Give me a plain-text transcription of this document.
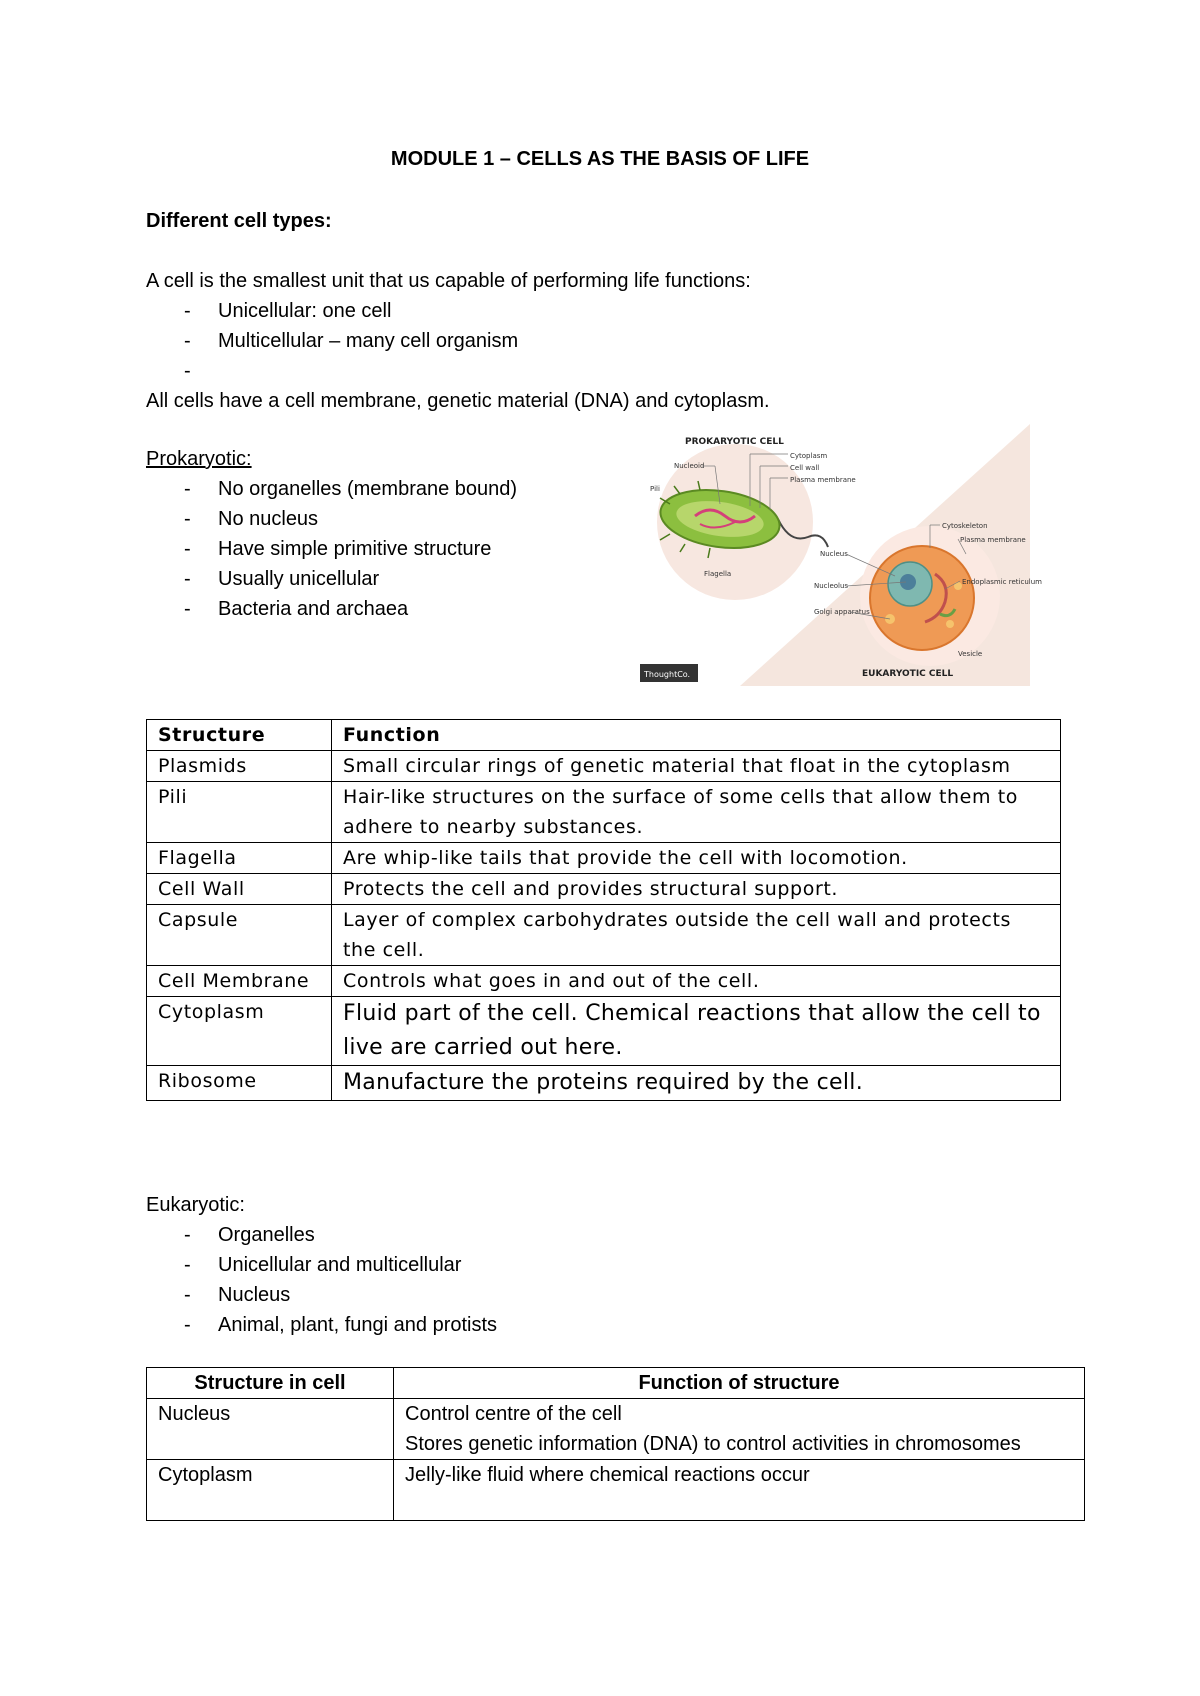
MODULE 1 – CELLS AS THE BASIS OF LIFE
Different cell types:
A cell is the smallest unit that us capable of performing life functions:
- Unicellular: one cell
- Multicellular – many cell organism
-
All cells have a cell membrane, genetic material (DNA) and cytoplasm.
Prokaryotic:
- No organelles (membrane bound)
- No nucleus
- Have simple primitive structure
- Usually unicellular
- Bacteria and archaea
PROKARYOTIC CELL
Nucleoid
Pili
Cytoplasm
Cell wall
Plasma membrane
Flagella
Cytoskeleton
Plasma membrane
Nucleus
Endoplasmic reticulum
Nucleolus
Golgi apparatus
Vesicle
EUKARYOTIC CELL
ThoughtCo.
Structure	Function
Plasmids	Small circular rings of genetic material that float in the cytoplasm
Pili	Hair-like structures on the surface of some cells that allow them to adhere to nearby substances.
Flagella	Are whip-like tails that provide the cell with locomotion.
Cell Wall	Protects the cell and provides structural support.
Capsule	Layer of complex carbohydrates outside the cell wall and protects the cell.
Cell Membrane	Controls what goes in and out of the cell.
Cytoplasm	Fluid part of the cell. Chemical reactions that allow the cell to live are carried out here.
Ribosome	Manufacture the proteins required by the cell.
Eukaryotic:
- Organelles
- Unicellular and multicellular
- Nucleus
- Animal, plant, fungi and protists
Structure in cell	Function of structure
Nucleus	Control centre of the cell
Stores genetic information (DNA) to control activities in chromosomes

Cytoplasm	Jelly-like fluid where chemical reactions occur
